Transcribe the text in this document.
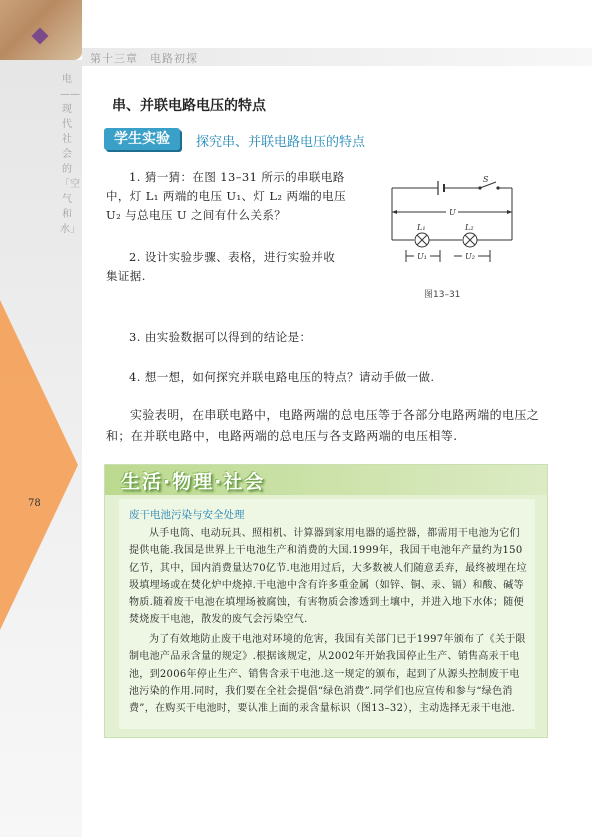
第十三章　电路初探
电——现代社会的「空气和水」
78
串、并联电路电压的特点
学生实验	探究串、并联电路电压的特点
1. 猜一猜：在图 13–31 所示的串联电路中，灯 L₁ 两端的电压 U₁、灯 L₂ 两端的电压 U₂ 与总电压 U 之间有什么关系？
2. 设计实验步骤、表格，进行实验并收集证据.
S
U
L₁	L₂
U₁	U₂
图13–31
3. 由实验数据可以得到的结论是：
4. 想一想，如何探究并联电路电压的特点？请动手做一做.
实验表明，在串联电路中，电路两端的总电压等于各部分电路两端的电压之和；在并联电路中，电路两端的总电压与各支路两端的电压相等.
生活·物理·社会
废干电池污染与安全处理
从手电筒、电动玩具、照相机、计算器到家用电器的遥控器，都需用干电池为它们提供电能.我国是世界上干电池生产和消费的大国.1999年，我国干电池年产量约为150亿节，其中，国内消费量达70亿节.电池用过后，大多数被人们随意丢弃，最终被埋在垃圾填埋场或在焚化炉中烧掉.干电池中含有许多重金属（如锌、铜、汞、镉）和酸、碱等物质.随着废干电池在填埋场被腐蚀，有害物质会渗透到土壤中，并进入地下水体；随便焚烧废干电池，散发的废气会污染空气.
为了有效地防止废干电池对环境的危害，我国有关部门已于1997年颁布了《关于限制电池产品汞含量的规定》.根据该规定，从2002年开始我国停止生产、销售高汞干电池，到2006年停止生产、销售含汞干电池.这一规定的颁布，起到了从源头控制废干电池污染的作用.同时，我们要在全社会提倡“绿色消费”.同学们也应宣传和参与“绿色消费”，在购买干电池时，要认准上面的汞含量标识（图13–32），主动选择无汞干电池.
